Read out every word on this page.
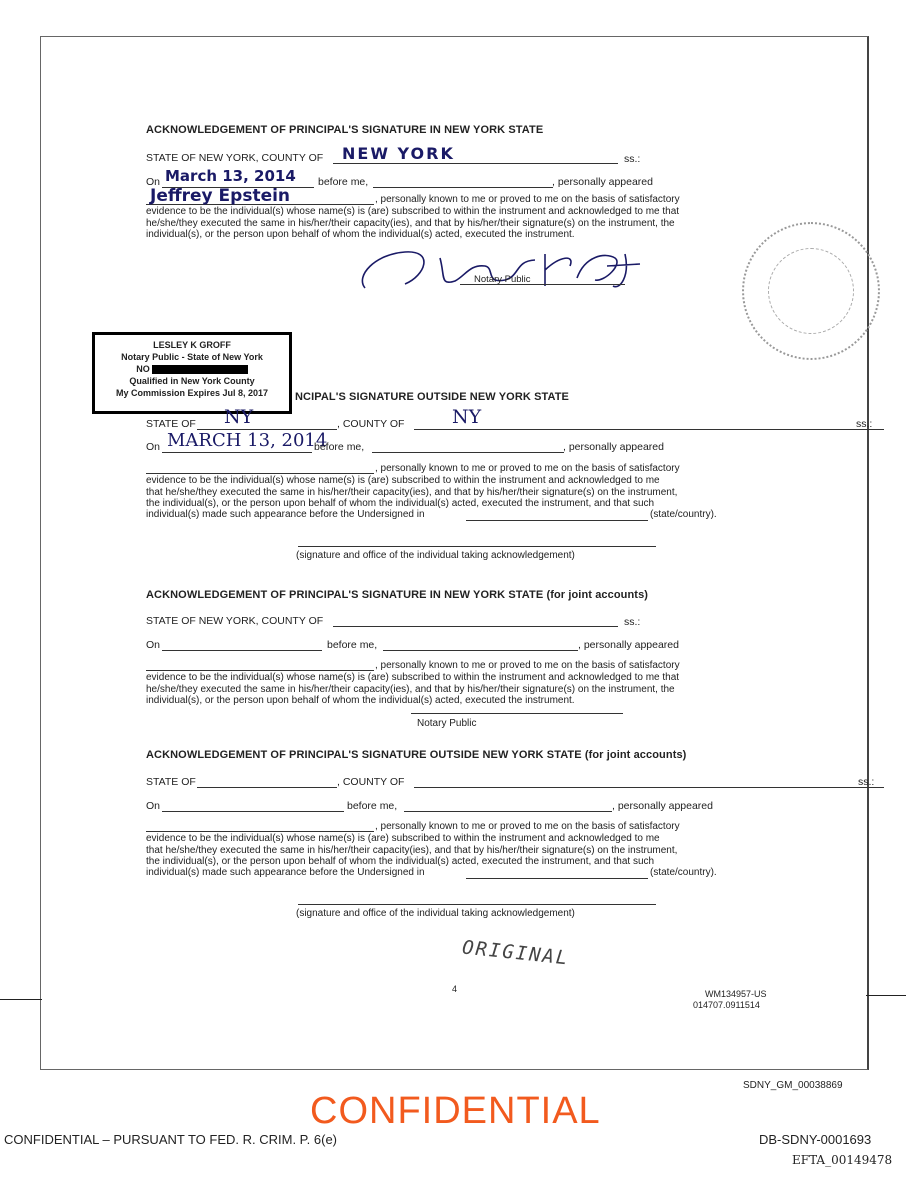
ACKNOWLEDGEMENT OF PRINCIPAL'S SIGNATURE IN NEW YORK STATE
STATE OF NEW YORK, COUNTY OF NEW YORK	ss.:
On March 13, 2014 before me,	, personally appeared
Jeffrey Epstein	, personally known to me or proved to me on the basis of satisfactory
evidence to be the individual(s) whose name(s) is (are) subscribed to within the instrument and acknowledged to me that
he/she/they executed the same in his/her/their capacity(ies), and that by his/her/their signature(s) on the instrument, the
individual(s), or the person upon behalf of whom the individual(s) acted, executed the instrument.
Notary Public
LESLEY K GROFF
Notary Public - State of New York
NO
Qualified in New York County
My Commission Expires Jul 8, 2017	NCIPAL'S SIGNATURE OUTSIDE NEW YORK STATE
STATE OF NY	, COUNTY OF	NY	ss.:
On MARCH 13, 2014
before me,	, personally appeared
, personally known to me or proved to me on the basis of satisfactory
evidence to be the individual(s) whose name(s) is (are) subscribed to within the instrument and acknowledged to me
that he/she/they executed the same in his/her/their capacity(ies), and that by his/her/their signature(s) on the instrument,
the individual(s), or the person upon behalf of whom the individual(s) acted, executed the instrument, and that such
individual(s) made such appearance before the Undersigned in	(state/country).
(signature and office of the individual taking acknowledgement)
ACKNOWLEDGEMENT OF PRINCIPAL'S SIGNATURE IN NEW YORK STATE (for joint accounts)
STATE OF NEW YORK, COUNTY OF	ss.:
On	before me,	, personally appeared
, personally known to me or proved to me on the basis of satisfactory
evidence to be the individual(s) whose name(s) is (are) subscribed to within the instrument and acknowledged to me that
he/she/they executed the same in his/her/their capacity(ies), and that by his/her/their signature(s) on the instrument, the
individual(s), or the person upon behalf of whom the individual(s) acted, executed the instrument.
Notary Public
ACKNOWLEDGEMENT OF PRINCIPAL'S SIGNATURE OUTSIDE NEW YORK STATE (for joint accounts)
STATE OF	, COUNTY OF	ss.:
On	before me,	, personally appeared
, personally known to me or proved to me on the basis of satisfactory
evidence to be the individual(s) whose name(s) is (are) subscribed to within the instrument and acknowledged to me
that he/she/they executed the same in his/her/their capacity(ies), and that by his/her/their signature(s) on the instrument,
the individual(s), or the person upon behalf of whom the individual(s) acted, executed the instrument, and that such
individual(s) made such appearance before the Undersigned in	(state/country).
(signature and office of the individual taking acknowledgement)
ORIGINAL
4	WM134957-US
014707.0911514
SDNY_GM_00038869
CONFIDENTIAL
CONFIDENTIAL – PURSUANT TO FED. R. CRIM. P. 6(e)	DB-SDNY-0001693
EFTA_00149478
